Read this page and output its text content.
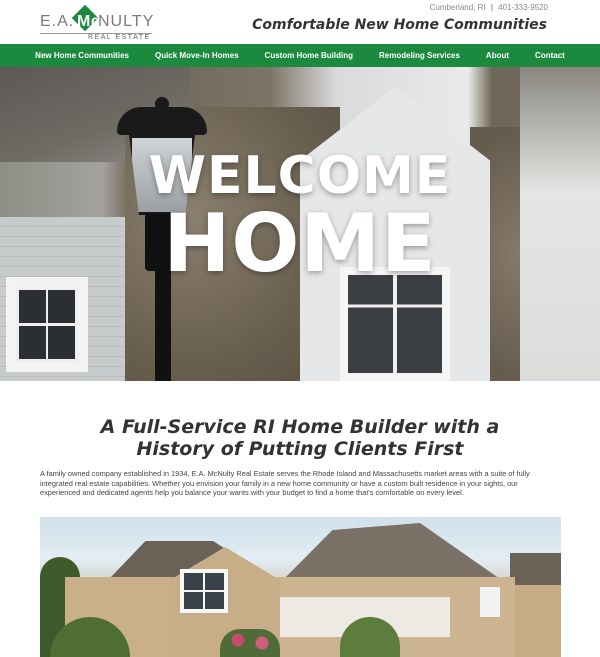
E.A. Mc
NULTY
REAL ESTATE
Cumberland, RI | 401-333-9520
Comfortable New Home Communities
New Home Communities	Quick Move-In Homes	Custom Home Building	Remodeling Services	About	Contact
WELCOME
HOME
A Full-Service RI Home Builder with a History of Putting Clients First

A family owned company established in 1934, E.A. McNulty Real Estate serves the Rhode Island and Massachusetts market areas with a suite of fully integrated real estate capabilities. Whether you envision your family in a new home community or have a custom built residence in your sights, our experienced and dedicated agents help you balance your wants with your budget to find a home that's comfortable on every level.
